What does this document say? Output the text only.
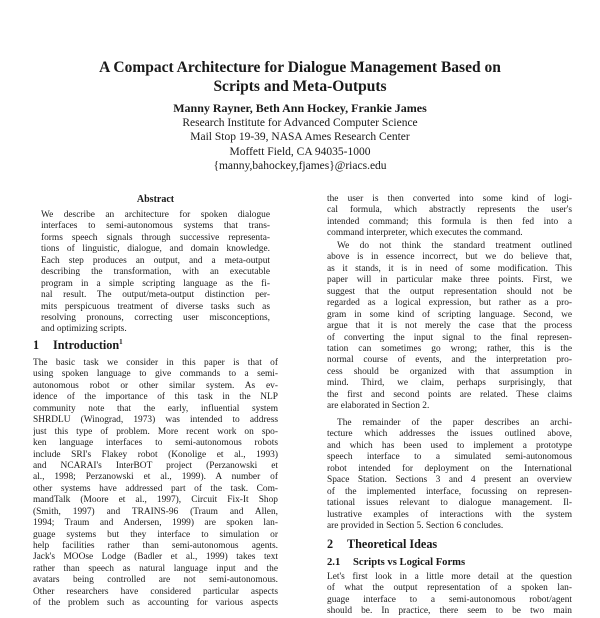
A Compact Architecture for Dialogue Management Based on
Scripts and Meta-Outputs
Manny Rayner, Beth Ann Hockey, Frankie James
Research Institute for Advanced Computer Science
Mail Stop 19-39, NASA Ames Research Center
Moffett Field, CA 94035-1000
{manny,bahockey,fjames}@riacs.edu
Abstract
We describe an architecture for spoken dialogue
interfaces to semi-autonomous systems that trans-
forms speech signals through successive representa-
tions of linguistic, dialogue, and domain knowledge.
Each step produces an output, and a meta-output
describing the transformation, with an executable
program in a simple scripting language as the fi-
nal result. The output/meta-output distinction per-
mits perspicuous treatment of diverse tasks such as
resolving pronouns, correcting user misconceptions,
and optimizing scripts.
1 Introduction$^1$
The basic task we consider in this paper is that of
using spoken language to give commands to a semi-
autonomous robot or other similar system. As ev-
idence of the importance of this task in the NLP
community note that the early, influential system
SHRDLU (Winograd, 1973) was intended to address
just this type of problem. More recent work on spo-
ken language interfaces to semi-autonomous robots
include SRI's Flakey robot (Konolige et al., 1993)
and NCARAI's InterBOT project (Perzanowski et
al., 1998; Perzanowski et al., 1999). A number of
other systems have addressed part of the task. Com-
mandTalk (Moore et al., 1997), Circuit Fix-It Shop
(Smith, 1997) and TRAINS-96 (Traum and Allen,
1994; Traum and Andersen, 1999) are spoken lan-
guage systems but they interface to simulation or
help facilities rather than semi-autonomous agents.
Jack's MOOse Lodge (Badler et al., 1999) takes text
rather than speech as natural language input and the
avatars being controlled are not semi-autonomous.
Other researchers have considered particular aspects
of the problem such as accounting for various aspects
the user is then converted into some kind of logi-
cal formula, which abstractly represents the user's
intended command; this formula is then fed into a
command interpreter, which executes the command.
We do not think the standard treatment outlined
above is in essence incorrect, but we do believe that,
as it stands, it is in need of some modification. This
paper will in particular make three points. First, we
suggest that the output representation should not be
regarded as a logical expression, but rather as a pro-
gram in some kind of scripting language. Second, we
argue that it is not merely the case that the process
of converting the input signal to the final represen-
tation can sometimes go wrong; rather, this is the
normal course of events, and the interpretation pro-
cess should be organized with that assumption in
mind. Third, we claim, perhaps surprisingly, that
the first and second points are related. These claims
are elaborated in Section 2.
The remainder of the paper describes an archi-
tecture which addresses the issues outlined above,
and which has been used to implement a prototype
speech interface to a simulated semi-autonomous
robot intended for deployment on the International
Space Station. Sections 3 and 4 present an overview
of the implemented interface, focussing on represen-
tational issues relevant to dialogue management. Il-
lustrative examples of interactions with the system
are provided in Section 5. Section 6 concludes.
2 Theoretical Ideas
2.1 Scripts vs Logical Forms
Let's first look in a little more detail at the question
of what the output representation of a spoken lan-
guage interface to a semi-autonomous robot/agent
should be. In practice, there seem to be two main
